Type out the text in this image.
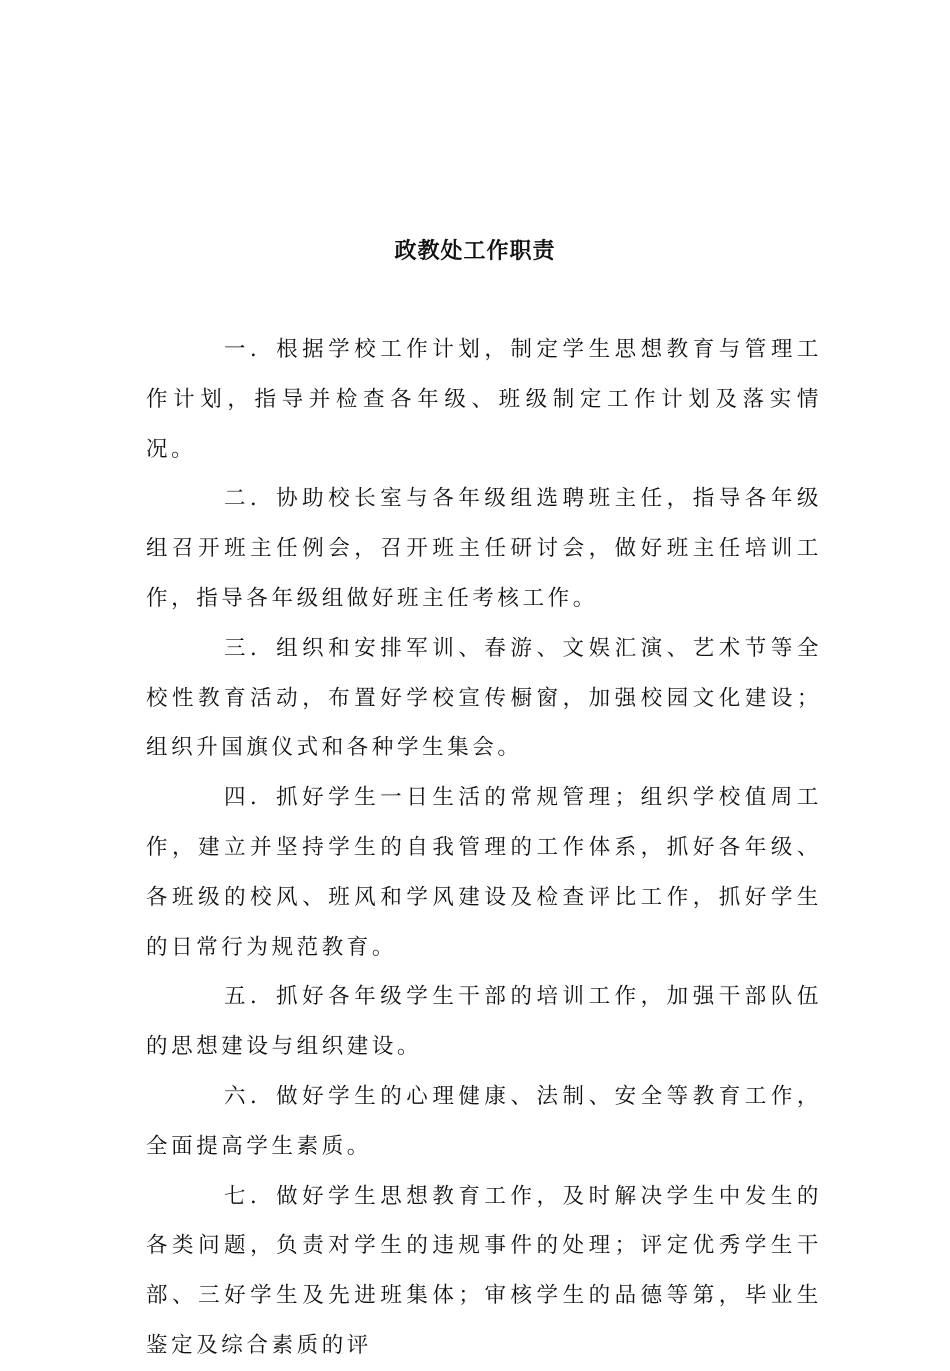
政教处工作职责

一．根据学校工作计划，制定学生思想教育与管理工作计划，指导并检查各年级、班级制定工作计划及落实情况。

二．协助校长室与各年级组选聘班主任，指导各年级组召开班主任例会，召开班主任研讨会，做好班主任培训工作，指导各年级组做好班主任考核工作。

三．组织和安排军训、春游、文娱汇演、艺术节等全校性教育活动，布置好学校宣传橱窗，加强校园文化建设；组织升国旗仪式和各种学生集会。

四．抓好学生一日生活的常规管理；组织学校值周工作，建立并坚持学生的自我管理的工作体系，抓好各年级、各班级的校风、班风和学风建设及检查评比工作，抓好学生的日常行为规范教育。

五．抓好各年级学生干部的培训工作，加强干部队伍的思想建设与组织建设。

六．做好学生的心理健康、法制、安全等教育工作，全面提高学生素质。

七．做好学生思想教育工作，及时解决学生中发生的各类问题，负责对学生的违规事件的处理；评定优秀学生干部、三好学生及先进班集体；审核学生的品德等第，毕业生鉴定及综合素质的评
